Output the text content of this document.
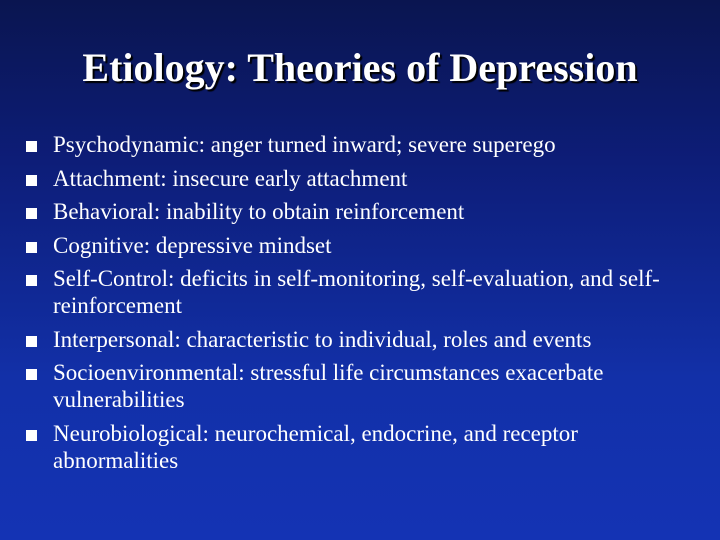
Etiology: Theories of Depression
Psychodynamic: anger turned inward; severe superego
Attachment: insecure early attachment
Behavioral: inability to obtain reinforcement
Cognitive: depressive mindset
Self-Control: deficits in self-monitoring, self-evaluation, and self-reinforcement
Interpersonal: characteristic to individual, roles and events
Socioenvironmental: stressful life circumstances exacerbate vulnerabilities
Neurobiological: neurochemical, endocrine, and receptor abnormalities
